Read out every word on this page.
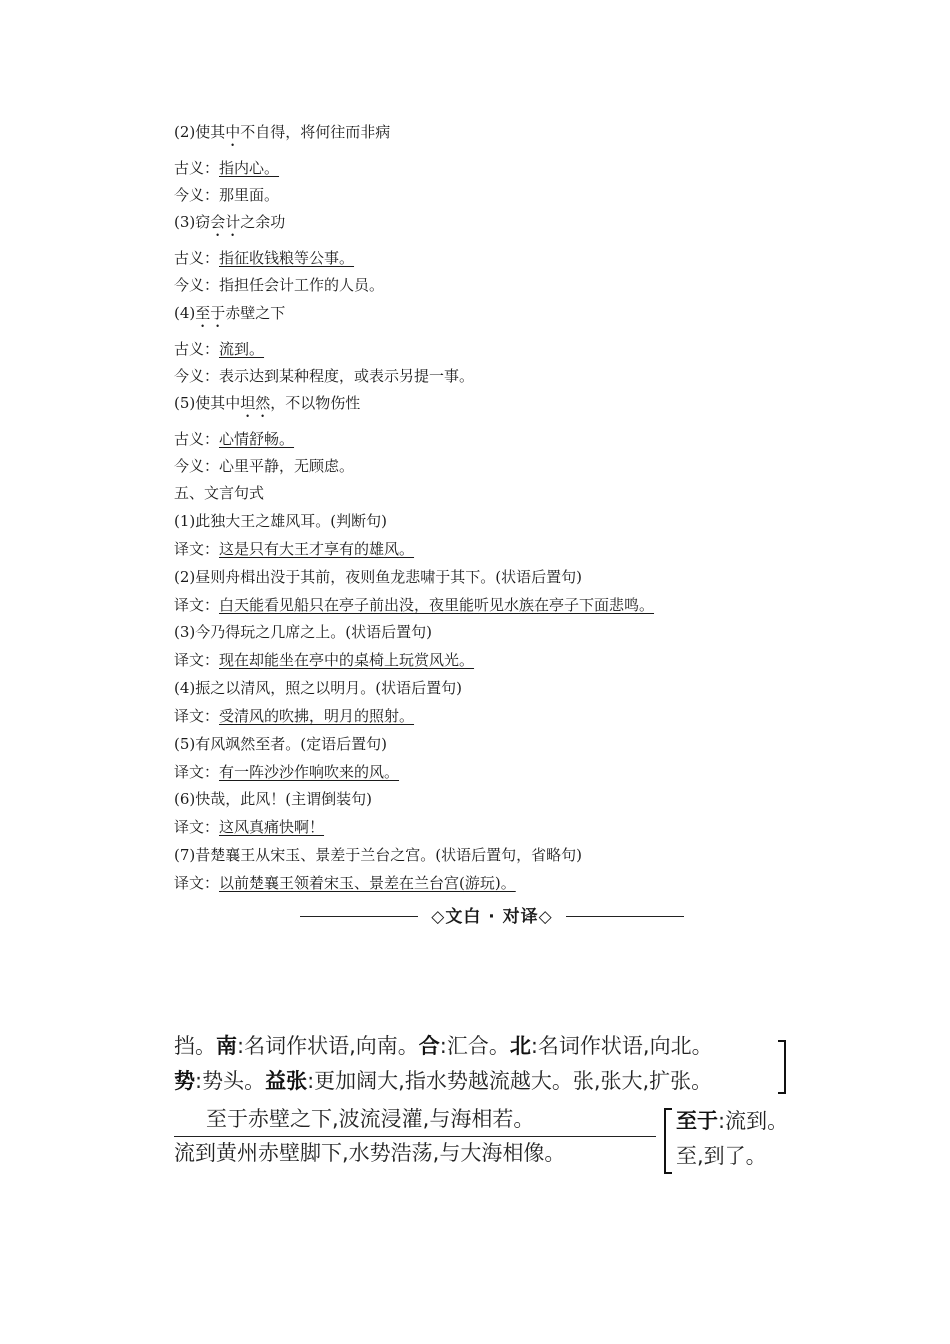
(2)使其中不自得，将何往而非病
古义：指内心。
今义：那里面。
(3)窃会计之余功
古义：指征收钱粮等公事。
今义：指担任会计工作的人员。
(4)至于赤壁之下
古义：流到。
今义：表示达到某种程度，或表示另提一事。
(5)使其中坦然，不以物伤性
古义：心情舒畅。
今义：心里平静，无顾虑。
五、文言句式
(1)此独大王之雄风耳。(判断句)
译文：这是只有大王才享有的雄风。
(2)昼则舟楫出没于其前，夜则鱼龙悲啸于其下。(状语后置句)
译文：白天能看见船只在亭子前出没，夜里能听见水族在亭子下面悲鸣。
(3)今乃得玩之几席之上。(状语后置句)
译文：现在却能坐在亭中的桌椅上玩赏风光。
(4)振之以清风，照之以明月。(状语后置句)
译文：受清风的吹拂，明月的照射。
(5)有风飒然至者。(定语后置句)
译文：有一阵沙沙作响吹来的风。
(6)快哉，此风！(主谓倒装句)
译文：这风真痛快啊！
(7)昔楚襄王从宋玉、景差于兰台之宫。(状语后置句，省略句)
译文：以前楚襄王领着宋玉、景差在兰台宫(游玩)。
◇文白 · 对译◇
挡。南:名词作状语,向南。合:汇合。北:名词作状语,向北。
势:势头。益张:更加阔大,指水势越流越大。张,张大,扩张。
至于赤壁之下,波流浸灌,与海相若。
流到黄州赤壁脚下,水势浩荡,与大海相像。
至于:流到。
至,到了。
